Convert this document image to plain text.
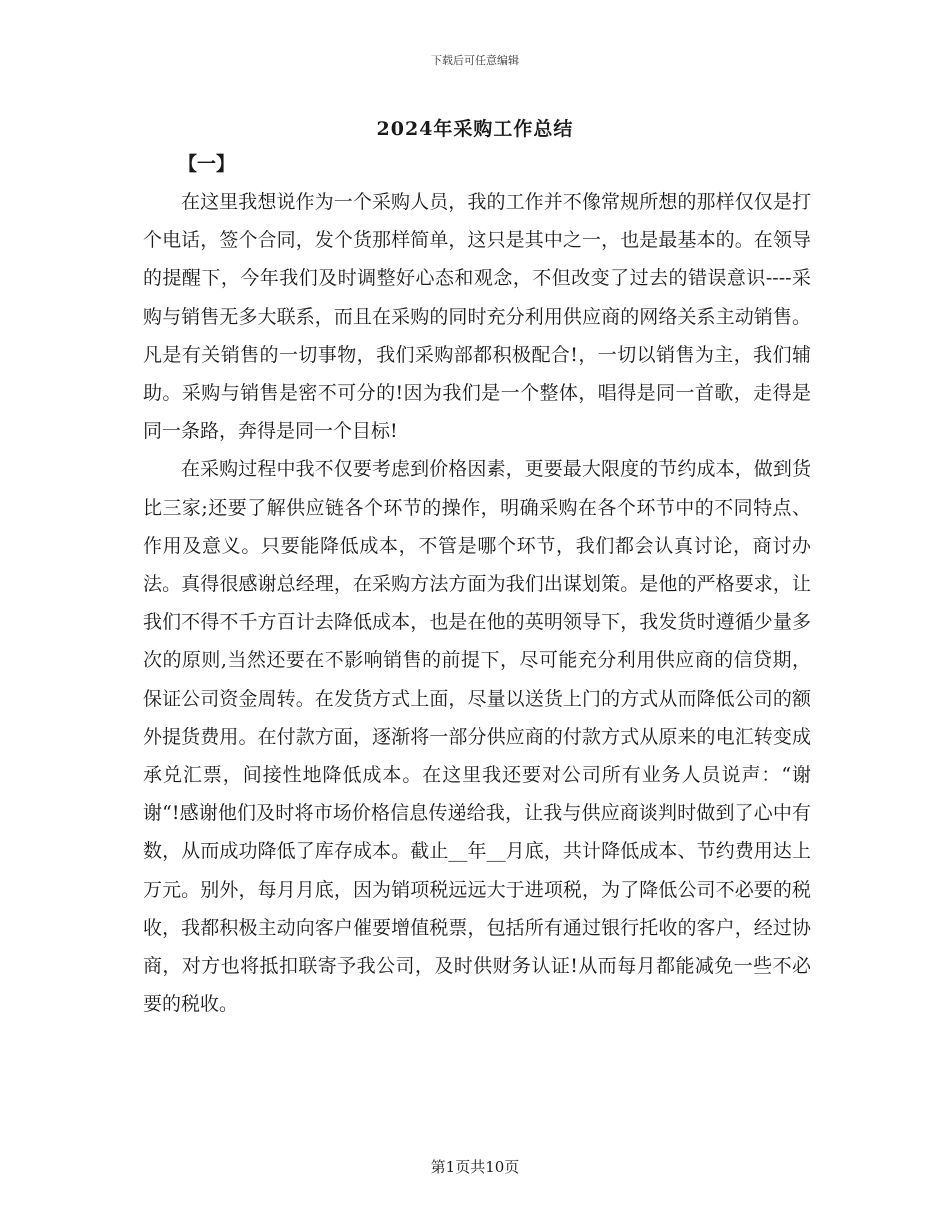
下载后可任意编辑
2024年采购工作总结
【一】

在这里我想说作为一个采购人员，我的工作并不像常规所想的那样仅仅是打个电话，签个合同，发个货那样简单，这只是其中之一，也是最基本的。在领导的提醒下，今年我们及时调整好心态和观念，不但改变了过去的错误意识----采购与销售无多大联系，而且在采购的同时充分利用供应商的网络关系主动销售。凡是有关销售的一切事物，我们采购部都积极配合!，一切以销售为主，我们辅助。采购与销售是密不可分的!因为我们是一个整体，唱得是同一首歌，走得是同一条路，奔得是同一个目标!

在采购过程中我不仅要考虑到价格因素，更要最大限度的节约成本，做到货比三家;还要了解供应链各个环节的操作，明确采购在各个环节中的不同特点、作用及意义。只要能降低成本，不管是哪个环节，我们都会认真讨论，商讨办法。真得很感谢总经理，在采购方法方面为我们出谋划策。是他的严格要求，让我们不得不千方百计去降低成本，也是在他的英明领导下，我发货时遵循少量多次的原则,当然还要在不影响销售的前提下，尽可能充分利用供应商的信贷期，保证公司资金周转。在发货方式上面，尽量以送货上门的方式从而降低公司的额外提货费用。在付款方面，逐渐将一部分供应商的付款方式从原来的电汇转变成承兑汇票，间接性地降低成本。在这里我还要对公司所有业务人员说声：“谢谢“!感谢他们及时将市场价格信息传递给我，让我与供应商谈判时做到了心中有数，从而成功降低了库存成本。截止__年__月底，共计降低成本、节约费用达上万元。别外，每月月底，因为销项税远远大于进项税，为了降低公司不必要的税收，我都积极主动向客户催要增值税票，包括所有通过银行托收的客户，经过协商，对方也将抵扣联寄予我公司，及时供财务认证!从而每月都能减免一些不必要的税收。

第1页共10页
